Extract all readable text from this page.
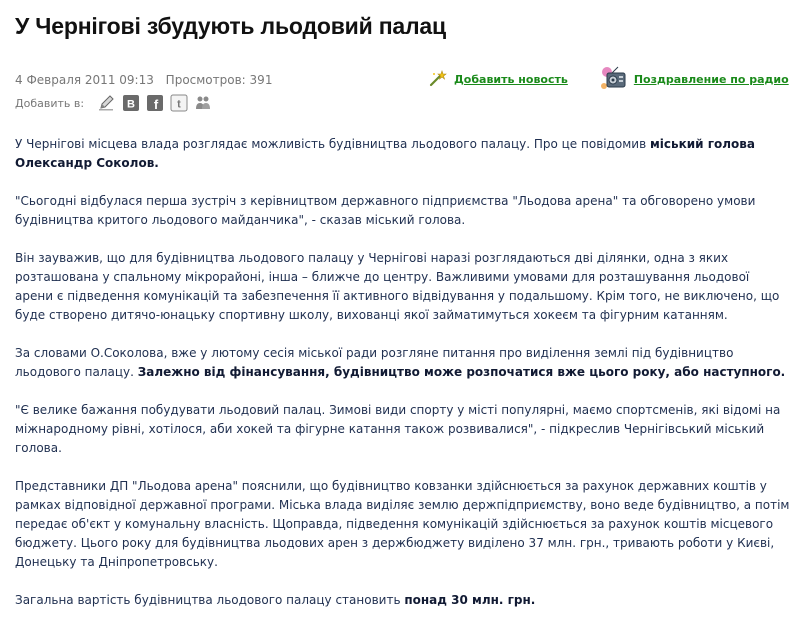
У Чернігові збудують льодовий палац
4 Февраля 2011 09:13 Просмотров: 391
Добавить в:	B f t
Добавить новость	Поздравление по радио

У Чернігові місцева влада розглядає можливість будівництва льодового палацу. Про це повідомив міський голова Олександр Соколов.

"Сьогодні відбулася перша зустріч з керівництвом державного підприємства "Льодова арена" та обговорено умови будівництва критого льодового майданчика", - сказав міський голова.

Він зауважив, що для будівництва льодового палацу у Чернігові наразі розглядаються дві ділянки, одна з яких розташована у спальному мікрорайоні, інша – ближче до центру. Важливими умовами для розташування льодової арени є підведення комунікацій та забезпечення її активного відвідування у подальшому. Крім того, не виключено, що буде створено дитячо-юнацьку спортивну школу, вихованці якої займатимуться хокеєм та фігурним катанням.

За словами О.Соколова, вже у лютому сесія міської ради розгляне питання про виділення землі під будівництво льодового палацу. Залежно від фінансування, будівництво може розпочатися вже цього року, або наступного.

"Є велике бажання побудувати льодовий палац. Зимові види спорту у місті популярні, маємо спортсменів, які відомі на міжнародному рівні, хотілося, аби хокей та фігурне катання також розвивалися", - підкреслив Чернігівський міський голова.

Представники ДП "Льодова арена" пояснили, що будівництво ковзанки здійснюється за рахунок державних коштів у рамках відповідної державної програми. Міська влада виділяє землю держпідприємству, воно веде будівництво, а потім передає об'єкт у комунальну власність. Щоправда, підведення комунікацій здійснюється за рахунок коштів місцевого бюджету. Цього року для будівництва льодових арен з держбюджету виділено 37 млн. грн., тривають роботи у Києві, Донецьку та Дніпропетровську.

Загальна вартість будівництва льодового палацу становить понад 30 млн. грн.
